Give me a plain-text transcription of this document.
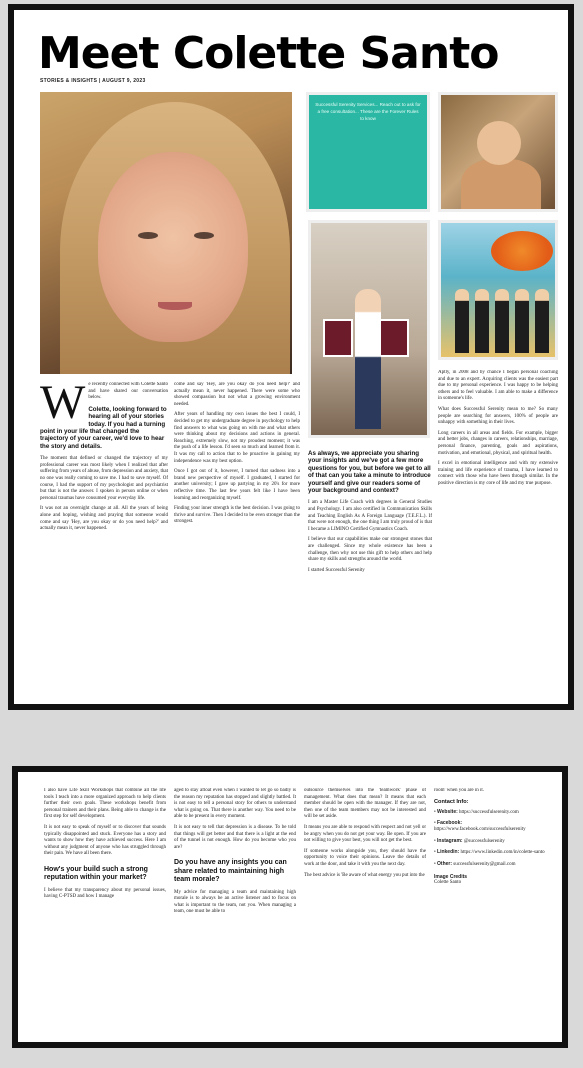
Meet Colette Santo
STORIES & INSIGHTS | AUGUST 9, 2023

Successful Serenity Services... Reach out to ask for a free consultation... These are the Forever Rules to know

We recently connected with Colette Santo and have shared our conversation below.

Colette, looking forward to hearing all of your stories today. If you had a turning point in your life that changed the trajectory of your career, we'd love to hear the story and details.

The moment that defined or changed the trajectory of my professional career was most likely when I realized that after suffering from years of abuse, from depression and anxiety, that no one was really coming to save me. I had to save myself. Of course, I had the support of my psychologist and psychiatrist but that is not the answer. I spoken in person online or when personal traumas have consumed your everyday life.

It was not an overnight change at all. All the years of being alone and hoping, wishing and praying that someone would come and say 'Hey, are you okay or do you need help?' and actually mean it, never happened.

come and say 'Hey, are you okay do you need help?' and actually mean it, never happened. There were some who showed compassion but not what a growing environment needed.

After years of handling my own issues the best I could, I decided to get my undergraduate degree in psychology to help find answers to what was going on with me and what others were thinking about my decisions and actions in general. Reaching, extremely slow, not my proudest moment; it was the push of a life lesson. I'd seen so much and learned from it. It was my call to action that to be proactive in gaining my independence was my best option.

Once I got out of it, however, I turned that sadness into a brand new perspective of myself. I graduated, I started for another university; I gave up partying in my 20's for more reflective time. The last few years felt like I have been learning and reorganizing myself.

Finding your inner strength is the best decision. I was going to thrive and survive. Then I decided to be even stronger than the strongest.

As always, we appreciate you sharing your insights and we've got a few more questions for you, but before we get to all of that can you take a minute to introduce yourself and give our readers some of your background and context?

I am a Master Life Coach with degrees in General Studies and Psychology. I am also certified in Communication Skills and Teaching English As A Foreign Language (T.E.F.L.). If that were not enough, the one thing I am truly proud of is that I became a LIMINO Certified Gymnastics Coach.

I believe that our capabilities make our strongest stones that are challenged. Since my whole existence has been a challenge, then why not use this gift to help others and help share my skills and strengths around the world.

I started Successful Serenity

Aptly, in 2008 and by chance I began personal coaching and due to an expert. Acquiring clients was the easiest part due to my personal experience. I was happy to be helping others and to feel valuable. I am able to make a difference in someone's life.

What does Successful Serenity mean to me? So many people are searching for answers, 100% of people are unhappy with something in their lives.

Long careers in all areas and fields. For example, bigger and better jobs, changes in careers, relationships, marriage, personal finance, parenting, goals and aspirations, motivation, and emotional, physical, and spiritual health.

I excel in emotional intelligence and with my extensive training and life experience of trauma, I have learned to connect with those who have been through similar. In the positive direction is my core of life and my true purpose.

I also have Life Skill Workshops that combine all the life tools I teach into a more organized approach to help clients further their own goals. These workshops benefit from personal trainers and their plans. Being able to change is the first step for self development.

It is not easy to speak of myself or to discover that sounds typically disappointed and stuck. Everyone has a story and wants to show how they have achieved success. Here I am without any judgment of anyone who has struggled through their pain. We have all been there.

How's your build such a strong reputation within your market?

I believe that my transparency about my personal issues, having C-PTSD and how I manage

aged to stay afloat even when I wanted to let go so badly is the reason my reputation has stopped and slightly battled. It is not easy to tell a personal story for others to understand what is going on. That there is another way. You need to be able to be present in every moment.

It is not easy to tell that depression is a disease. To be told that things will get better and that there is a light at the end of the tunnel is not enough. How do you become who you are?

Do you have any insights you can share related to maintaining high team morale?

My advice for managing a team and maintaining high morale is to always be an active listener and to focus on what is important to the team, not you. When managing a team, one must be able to

outsource themselves into the 'teamwork' phase of management. What does that mean? It means that each member should be open with the manager. If they are not, then one of the team members may not be interested and will be set aside.

It means you are able to respond with respect and not yell or be angry when you do not get your way. Be open. If you are not willing to give your best, you will not get the best.

If someone works alongside you, they should have the opportunity to voice their opinions. Leave the details of work at the door, and take it with you the next day.

The best advice is 'Be aware of what energy you put into the

room' when you are in it.

Contact Info:
• Website: https://successfulserenity.com
• Facebook: https://www.facebook.com/successfulserenity
• Instagram: @successfulserenity
• Linkedin: https://www.linkedin.com/in/colette-santo
• Other: successfulserenity@gmail.com
Image Credits

Colette Santo
